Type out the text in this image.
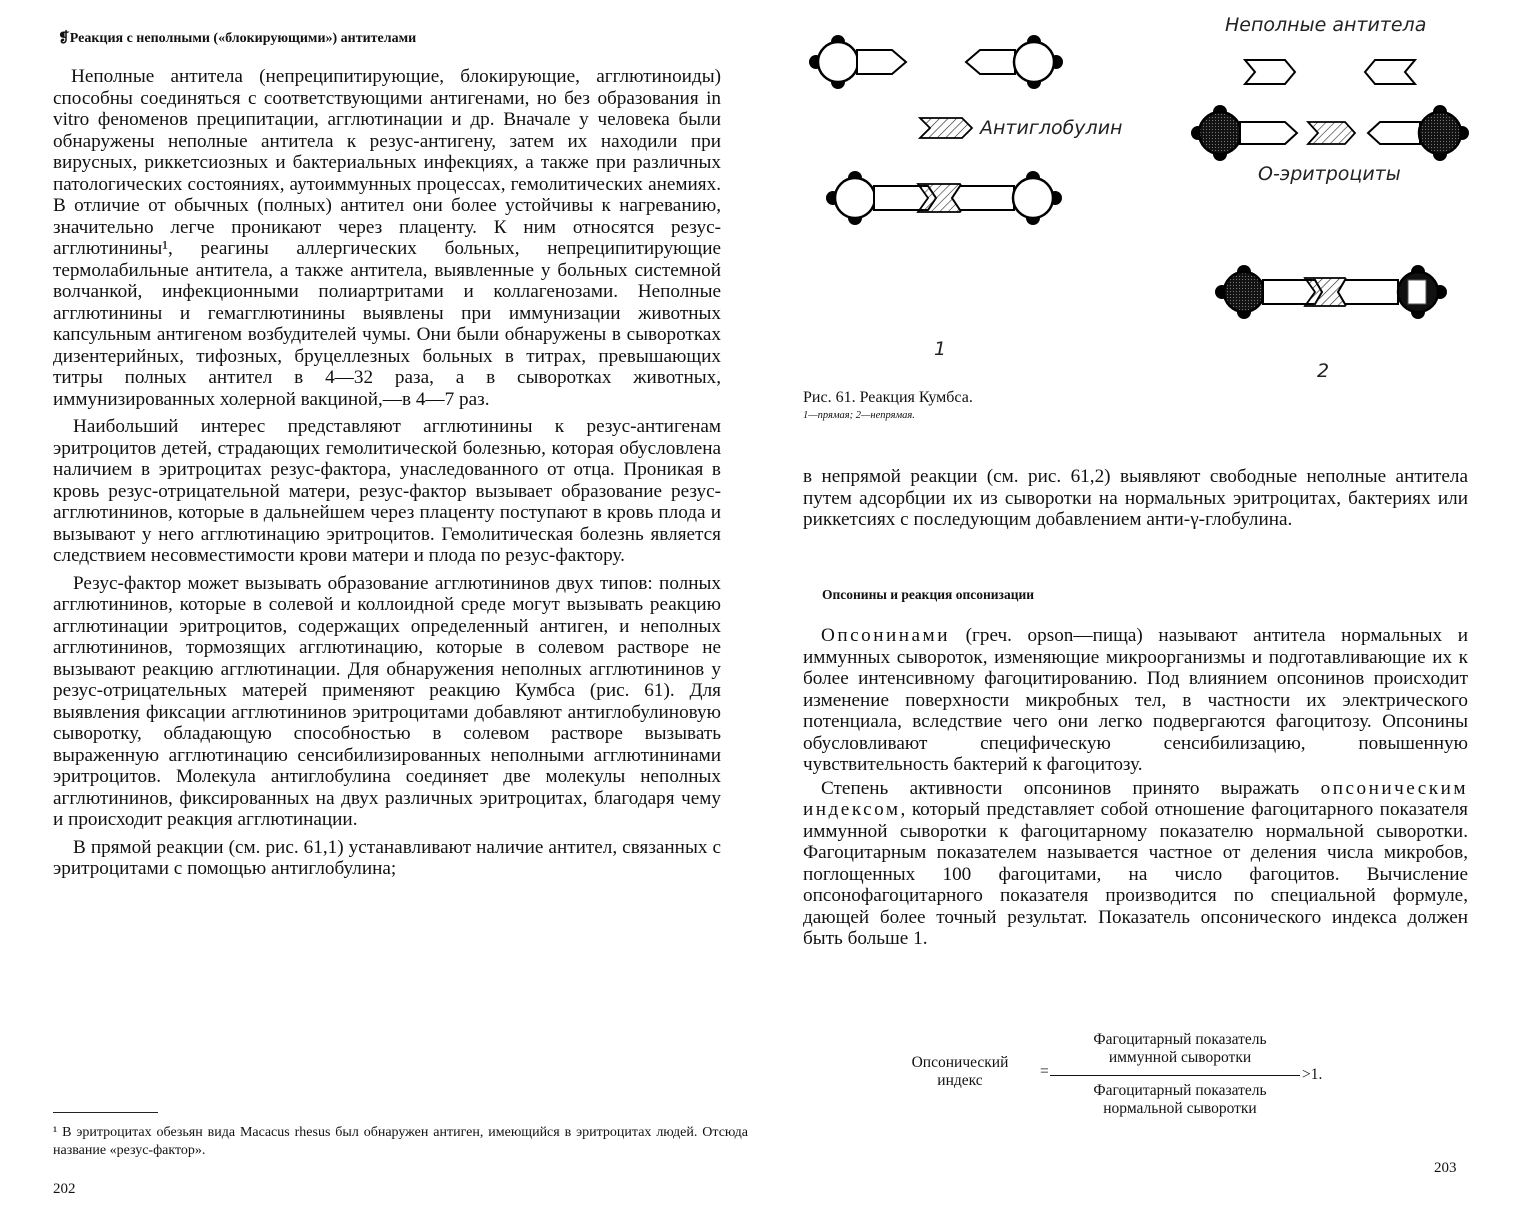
❡Реакция с неполными («блокирующими») антителами

Неполные антитела (непреципитирующие, блокирующие, агглютиноиды) способны соединяться с соответствующими антигенами, но без образования in vitro феноменов преципитации, агглютинации и др. Вначале у человека были обнаружены неполные антитела к резус-антигену, затем их находили при вирусных, риккетсиозных и бактериальных инфекциях, а также при различных патологических состояниях, аутоиммунных процессах, гемолитических анемиях. В отличие от обычных (полных) антител они более устойчивы к нагреванию, значительно легче проникают через плаценту. К ним относятся резус-агглютинины¹, реагины аллергических больных, непреципитирующие термолабильные антитела, а также антитела, выявленные у больных системной волчанкой, инфекционными полиартритами и коллагенозами. Неполные агглютинины и гемагглютинины выявлены при иммунизации животных капсульным антигеном возбудителей чумы. Они были обнаружены в сыворотках дизентерийных, тифозных, бруцеллезных больных в титрах, превышающих титры полных антител в 4—32 раза, а в сыворотках животных, иммунизированных холерной вакциной,—в 4—7 раз.

Наибольший интерес представляют агглютинины к резус-антигенам эритроцитов детей, страдающих гемолитической болезнью, которая обусловлена наличием в эритроцитах резус-фактора, унаследованного от отца. Проникая в кровь резус-отрицательной матери, резус-фактор вызывает образование резус-агглютининов, которые в дальнейшем через плаценту поступают в кровь плода и вызывают у него агглютинацию эритроцитов. Гемолитическая болезнь является следствием несовместимости крови матери и плода по резус-фактору.

Резус-фактор может вызывать образование агглютининов двух типов: полных агглютининов, которые в солевой и коллоидной среде могут вызывать реакцию агглютинации эритроцитов, содержащих определенный антиген, и неполных агглютининов, тормозящих агглютинацию, которые в солевом растворе не вызывают реакцию агглютинации. Для обнаружения неполных агглютининов у резус-отрицательных матерей применяют реакцию Кумбса (рис. 61). Для выявления фиксации агглютининов эритроцитами добавляют антиглобулиновую сыворотку, обладающую способностью в солевом растворе вызывать выраженную агглютинацию сенсибилизированных неполными агглютининами эритроцитов. Молекула антиглобулина соединяет две молекулы неполных агглютининов, фиксированных на двух различных эритроцитах, благодаря чему и происходит реакция агглютинации.

В прямой реакции (см. рис. 61,1) устанавливают наличие антител, связанных с эритроцитами с помощью антиглобулина;

¹ В эритроцитах обезьян вида Macacus rhesus был обнаружен антиген, имеющийся в эритроцитах людей. Отсюда название «резус-фактор».
202
Неполные антитела
Антиглобулин
О-эритроциты
1
2
Рис. 61. Реакция Кумбса.
1—прямая; 2—непрямая.

в непрямой реакции (см. рис. 61,2) выявляют свободные неполные антитела путем адсорбции их из сыворотки на нормальных эритроцитах, бактериях или риккетсиях с последующим добавлением анти-γ-глобулина.

Опсонины и реакция опсонизации

Опсонинами (греч. opson—пища) называют антитела нормальных и иммунных сывороток, изменяющие микроорганизмы и подготавливающие их к более интенсивному фагоцитированию. Под влиянием опсонинов происходит изменение поверхности микробных тел, в частности их электрического потенциала, вследствие чего они легко подвергаются фагоцитозу. Опсонины обусловливают специфическую сенсибилизацию, повышенную чувствительность бактерий к фагоцитозу.

Степень активности опсонинов принято выражать опсоническим индексом, который представляет собой отношение фагоцитарного показателя иммунной сыворотки к фагоцитарному показателю нормальной сыворотки. Фагоцитарным показателем называется частное от деления числа микробов, поглощенных 100 фагоцитами, на число фагоцитов. Вычисление опсонофагоцитарного показателя производится по специальной формуле, дающей более точный результат. Показатель опсонического индекса должен быть больше 1.

Опсонический
индекс
=
Фагоцитарный показатель
иммунной сыворотки
>1.
Фагоцитарный показатель
нормальной сыворотки
203
